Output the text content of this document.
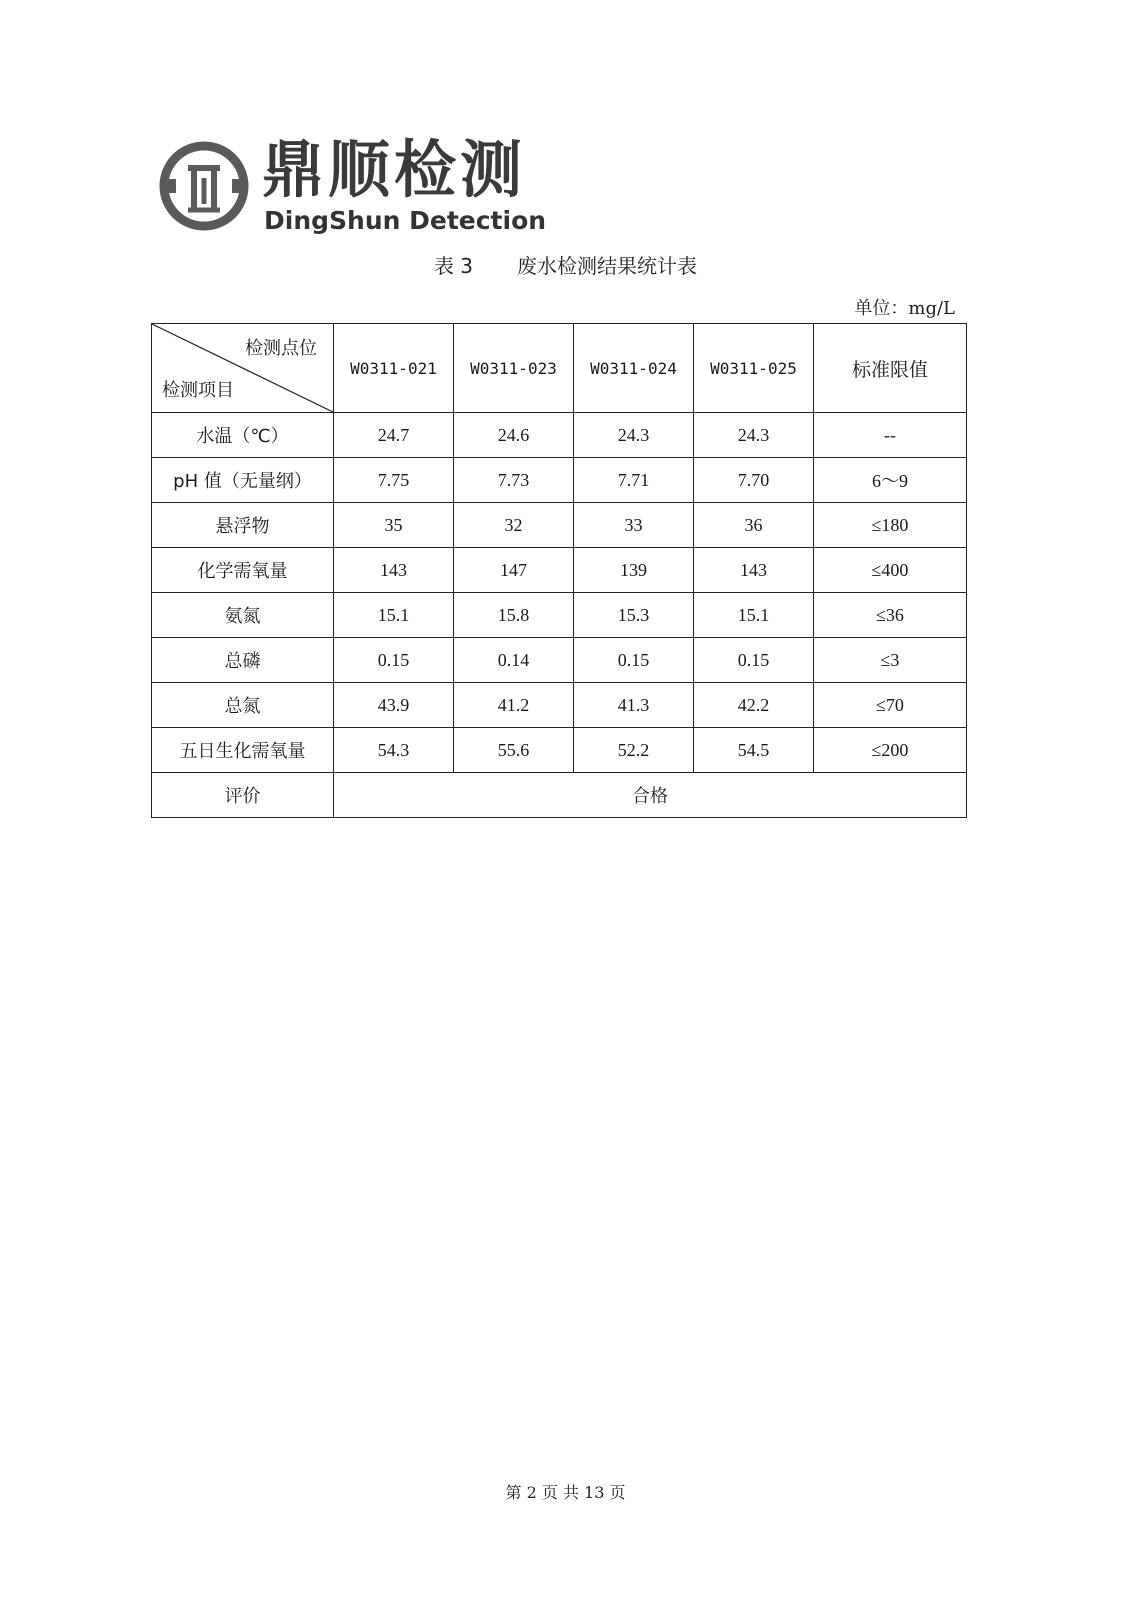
鼎顺检测
DingShun Detection
表 3 废水检测结果统计表
单位：mg/L
检测点位
检测项目	W0311-021	W0311-023	W0311-024	W0311-025	标准限值
水温（℃）	24.7	24.6	24.3	24.3	--
pH 值（无量纲）	7.75	7.73	7.71	7.70	6～9
悬浮物	35	32	33	36	≤180
化学需氧量	143	147	139	143	≤400
氨氮	15.1	15.8	15.3	15.1	≤36
总磷	0.15	0.14	0.15	0.15	≤3
总氮	43.9	41.2	41.3	42.2	≤70
五日生化需氧量	54.3	55.6	52.2	54.5	≤200
评价	合格				
第 2 页 共 13 页
